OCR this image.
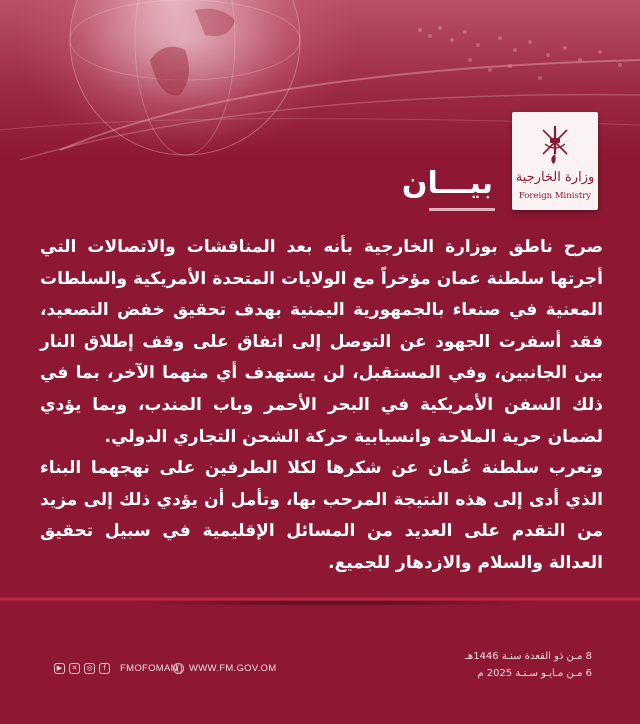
وزارة الخارجية
Foreign Ministry
بيـــان
صرح ناطق بوزارة الخارجية بأنه بعد المناقشات والاتصالات التي أجرتها سلطنة عمان مؤخراً مع الولايات المتحدة الأمريكية والسلطات المعنية في صنعاء بالجمهورية اليمنية بهدف تحقيق خفض التصعيد، فقد أسفرت الجهود عن التوصل إلى اتفاق على وقف إطلاق النار بين الجانبين، وفي المستقبل، لن يستهدف أي منهما الآخر، بما في ذلك السفن الأمريكية في البحر الأحمر وباب المندب، وبما يؤدي لضمان حرية الملاحة وانسيابية حركة الشحن التجاري الدولي.
وتعرب سلطنة عُمان عن شكرها لكلا الطرفين على نهجهما البناء الذي أدى إلى هذه النتيجة المرحب بها، وتأمل أن يؤدي ذلك إلى مزيد من التقدم على العديد من المسائل الإقليمية في سبيل تحقيق العدالة والسلام والازدهار للجميع.
▶	✕	◎	f	FMOFOMAN WWW.FM.GOV.OM
8 مـن ذو القعدة سنـة 1446هـ
6 مـن مـايـو سـنـة 2025 م
